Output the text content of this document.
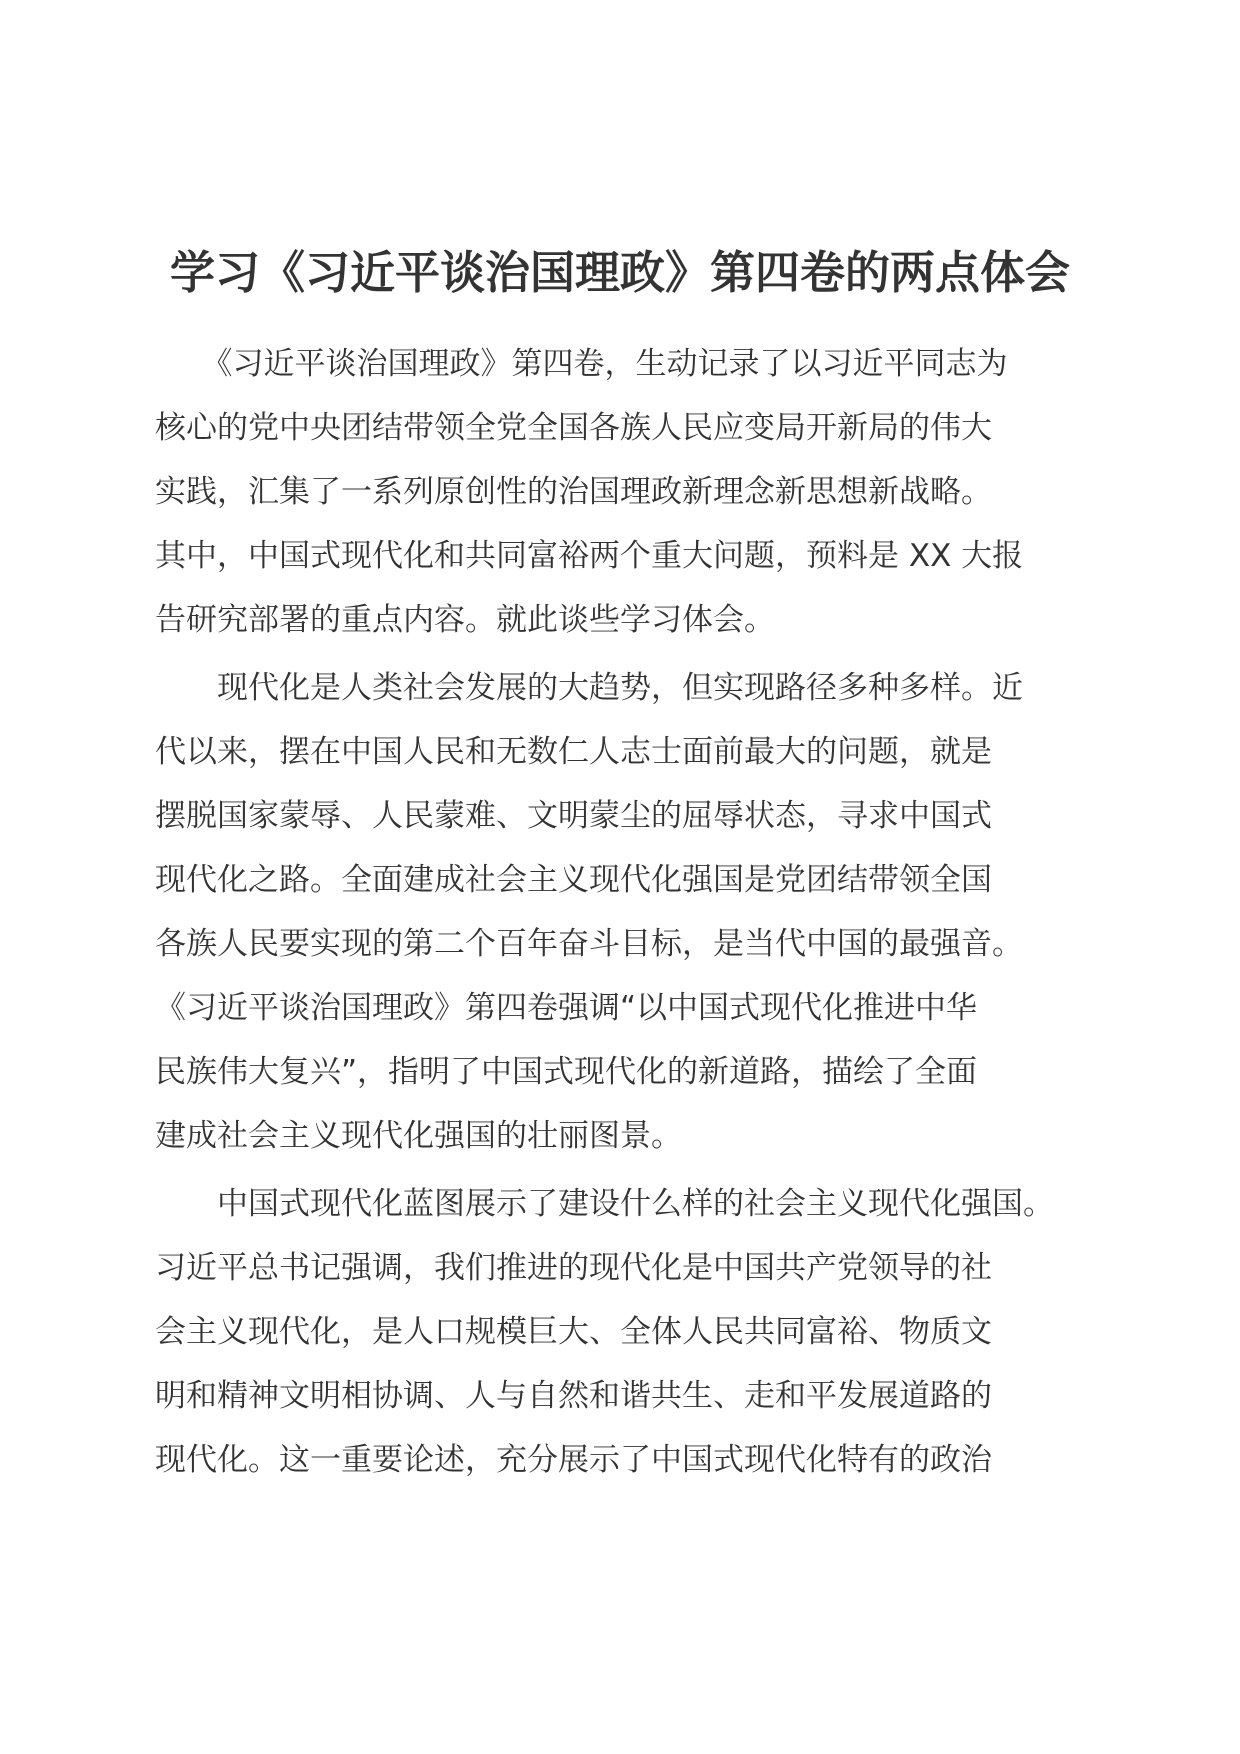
学习《习近平谈治国理政》第四卷的两点体会

　　《习近平谈治国理政》第四卷，生动记录了以习近平同志为

核心的党中央团结带领全党全国各族人民应变局开新局的伟大

实践，汇集了一系列原创性的治国理政新理念新思想新战略。

其中，中国式现代化和共同富裕两个重大问题，预料是 XX 大报

告研究部署的重点内容。就此谈些学习体会。

　　现代化是人类社会发展的大趋势，但实现路径多种多样。近

代以来，摆在中国人民和无数仁人志士面前最大的问题，就是

摆脱国家蒙辱、人民蒙难、文明蒙尘的屈辱状态，寻求中国式

现代化之路。全面建成社会主义现代化强国是党团结带领全国

各族人民要实现的第二个百年奋斗目标，是当代中国的最强音。

《习近平谈治国理政》第四卷强调“以中国式现代化推进中华

民族伟大复兴”，指明了中国式现代化的新道路，描绘了全面

建成社会主义现代化强国的壮丽图景。

　　中国式现代化蓝图展示了建设什么样的社会主义现代化强国。

习近平总书记强调，我们推进的现代化是中国共产党领导的社

会主义现代化，是人口规模巨大、全体人民共同富裕、物质文

明和精神文明相协调、人与自然和谐共生、走和平发展道路的

现代化。这一重要论述，充分展示了中国式现代化特有的政治
